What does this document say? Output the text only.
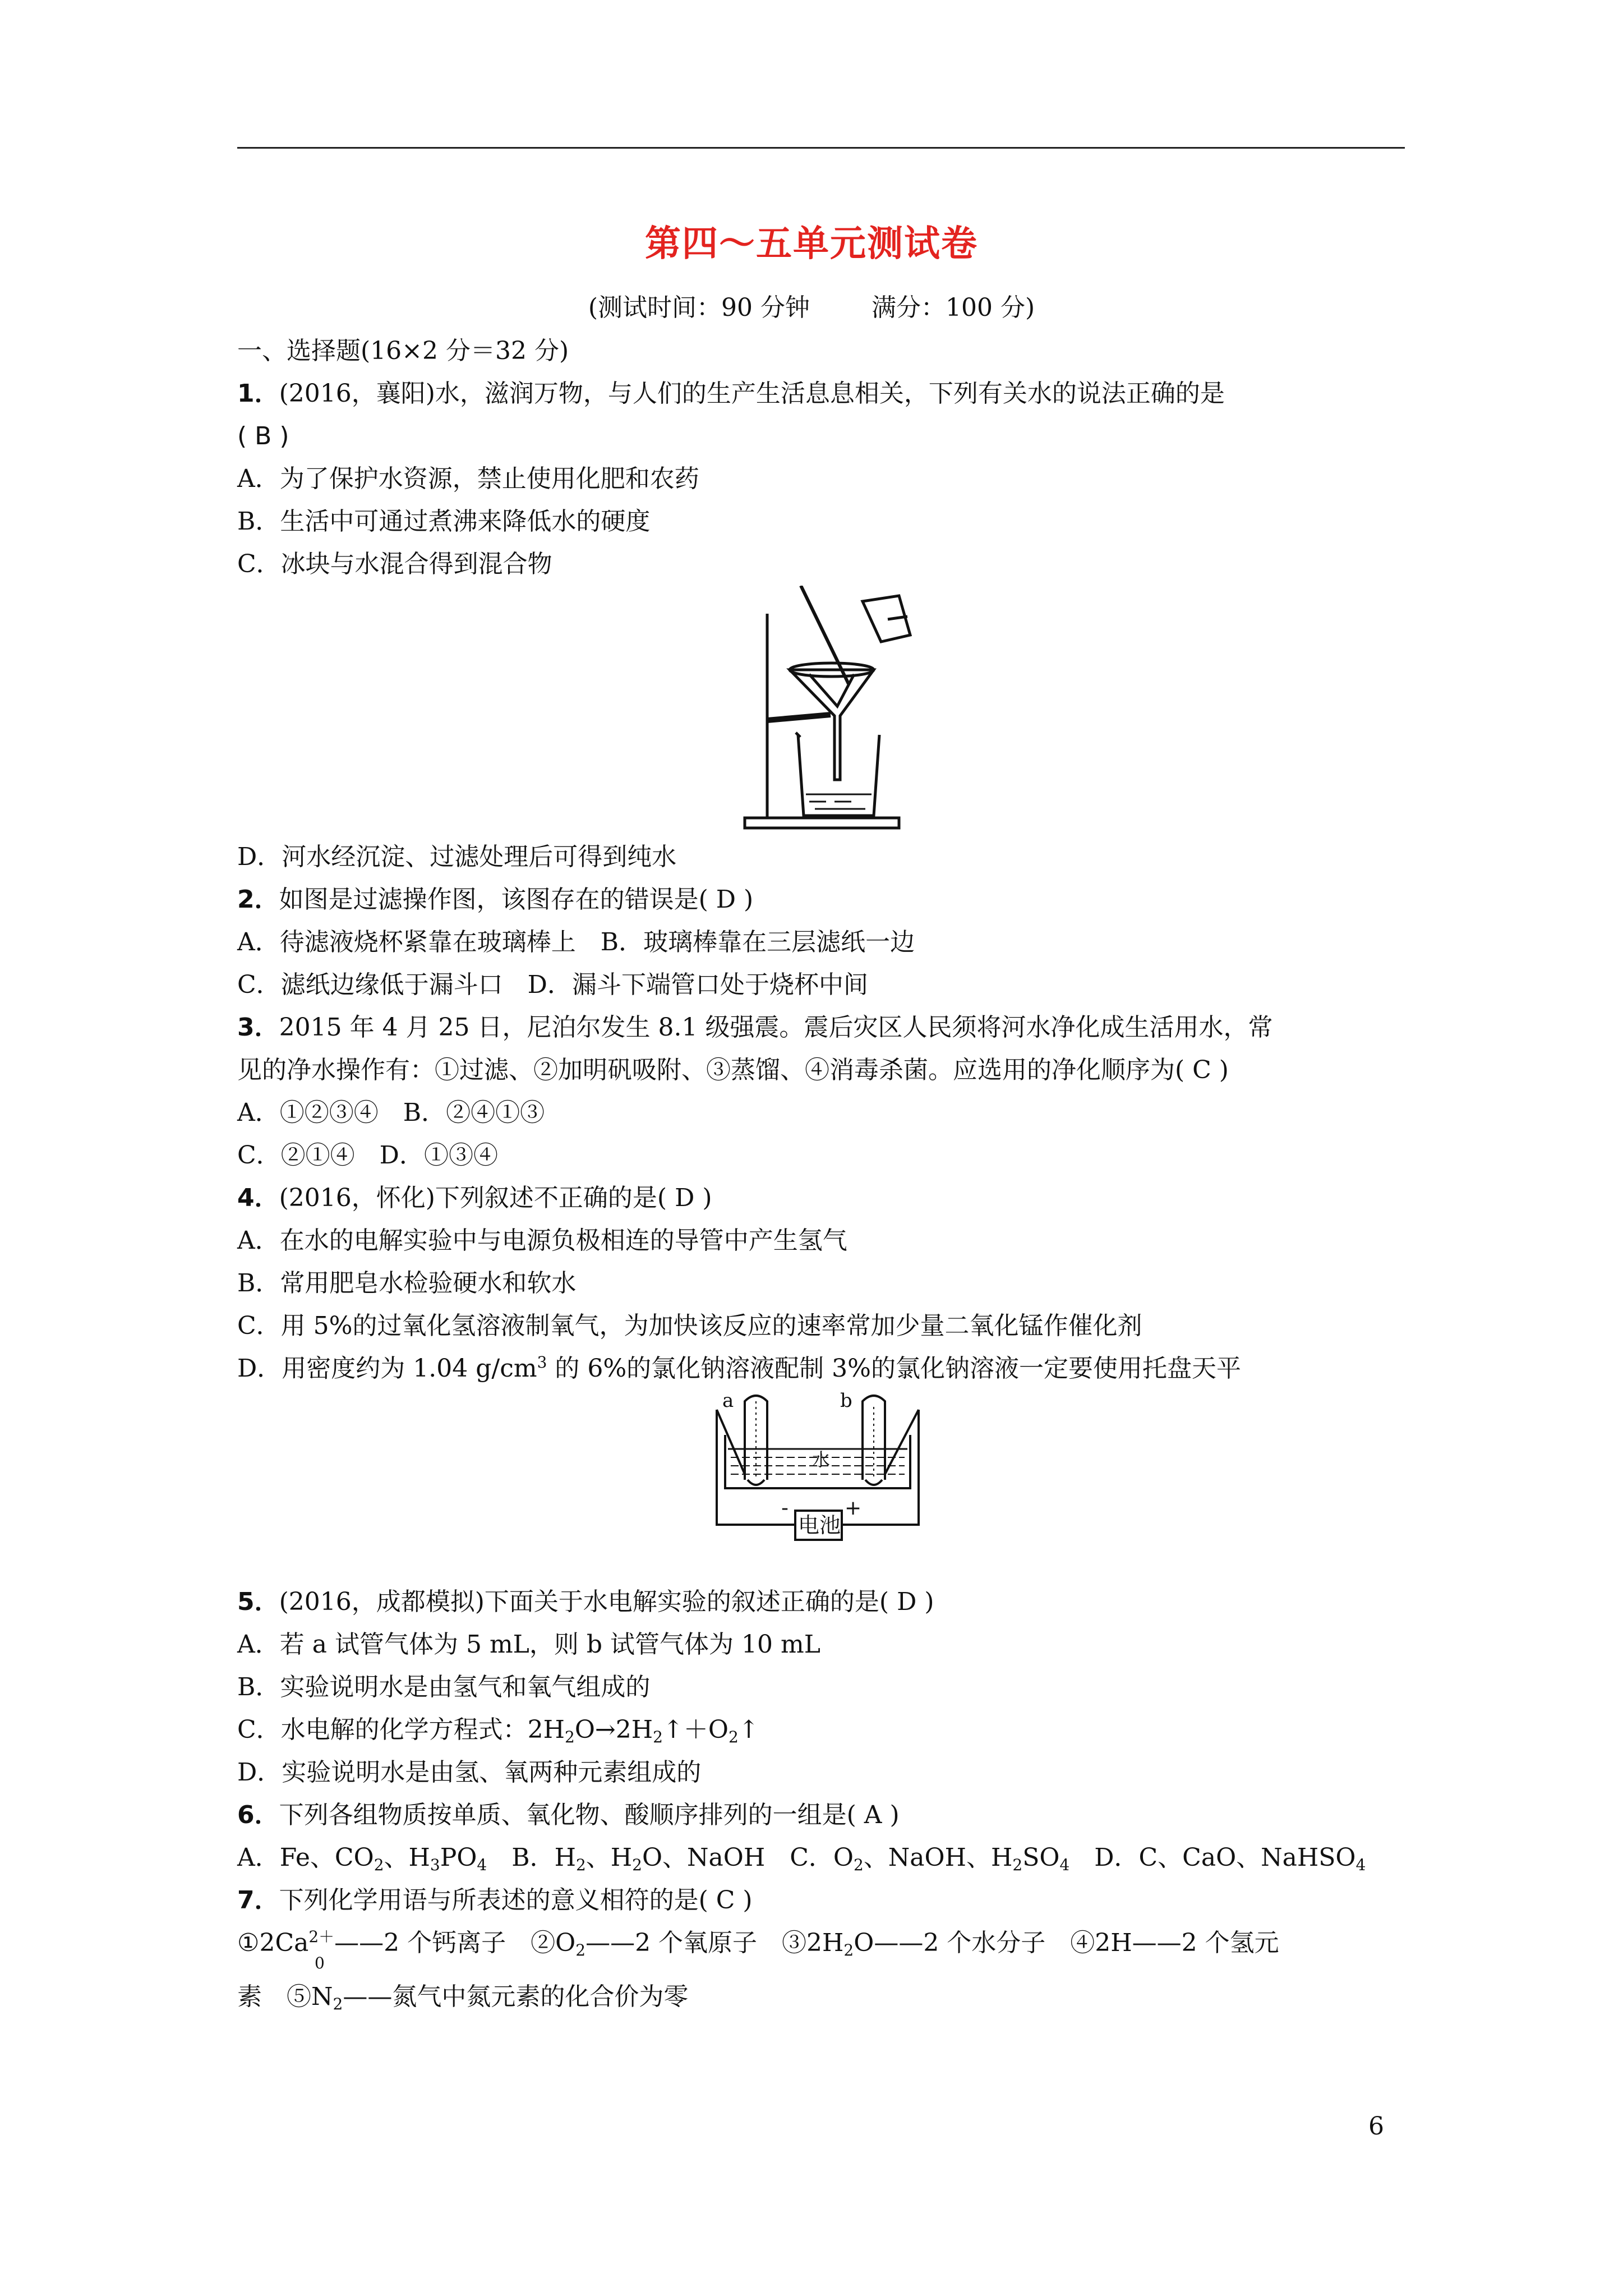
第四～五单元测试卷
(测试时间：90 分钟	满分：100 分)
一、选择题(16×2 分＝32 分)
1．(2016，襄阳)水，滋润万物，与人们的生产生活息息相关，下列有关水的说法正确的是
( B )
A．为了保护水资源，禁止使用化肥和农药
B．生活中可通过煮沸来降低水的硬度
C．冰块与水混合得到混合物
D．河水经沉淀、过滤处理后可得到纯水
2．如图是过滤操作图，该图存在的错误是( D )
A．待滤液烧杯紧靠在玻璃棒上　B．玻璃棒靠在三层滤纸一边
C．滤纸边缘低于漏斗口　D．漏斗下端管口处于烧杯中间
3．2015 年 4 月 25 日，尼泊尔发生 8.1 级强震。震后灾区人民须将河水净化成生活用水，常
见的净水操作有：①过滤、②加明矾吸附、③蒸馏、④消毒杀菌。应选用的净化顺序为( C )
A．①②③④　B．②④①③
C．②①④　D．①③④
4．(2016，怀化)下列叙述不正确的是( D )
A．在水的电解实验中与电源负极相连的导管中产生氢气
B．常用肥皂水检验硬水和软水
C．用 5%的过氧化氢溶液制氧气，为加快该反应的速率常加少量二氧化锰作催化剂
D．用密度约为 1.04 $g/cm^3$ 的 6%的氯化钠溶液配制 3%的氯化钠溶液一定要使用托盘天平
a	b
水
电池
-	+
5．(2016，成都模拟)下面关于水电解实验的叙述正确的是( D )
A．若 a 试管气体为 5 mL，则 b 试管气体为 10 mL
B．实验说明水是由氢气和氧气组成的
C．水电解的化学方程式：$2H_2O\to 2H_2↑+O_2↑$
D．实验说明水是由氢、氧两种元素组成的
6．下列各组物质按单质、氧化物、酸顺序排列的一组是( A )
A．Fe、$CO_2$、$H_3PO_4$　B．$H_2$、$H_2O$、NaOH　C．$O_2$、NaOH、$H_2SO_4$　D．C、CaO、NaHSO$_4$
7．下列化学用语与所表述的意义相符的是( C )
$①2Ca^{2+}——2$ 个钙离子　$②O_2——2$ 个氧原子　$③2H_2O——2$ 个水分子　④2H——2 个氢元
素　⑤
0
$N_2——$氮气中氮元素的化合价为零
6
